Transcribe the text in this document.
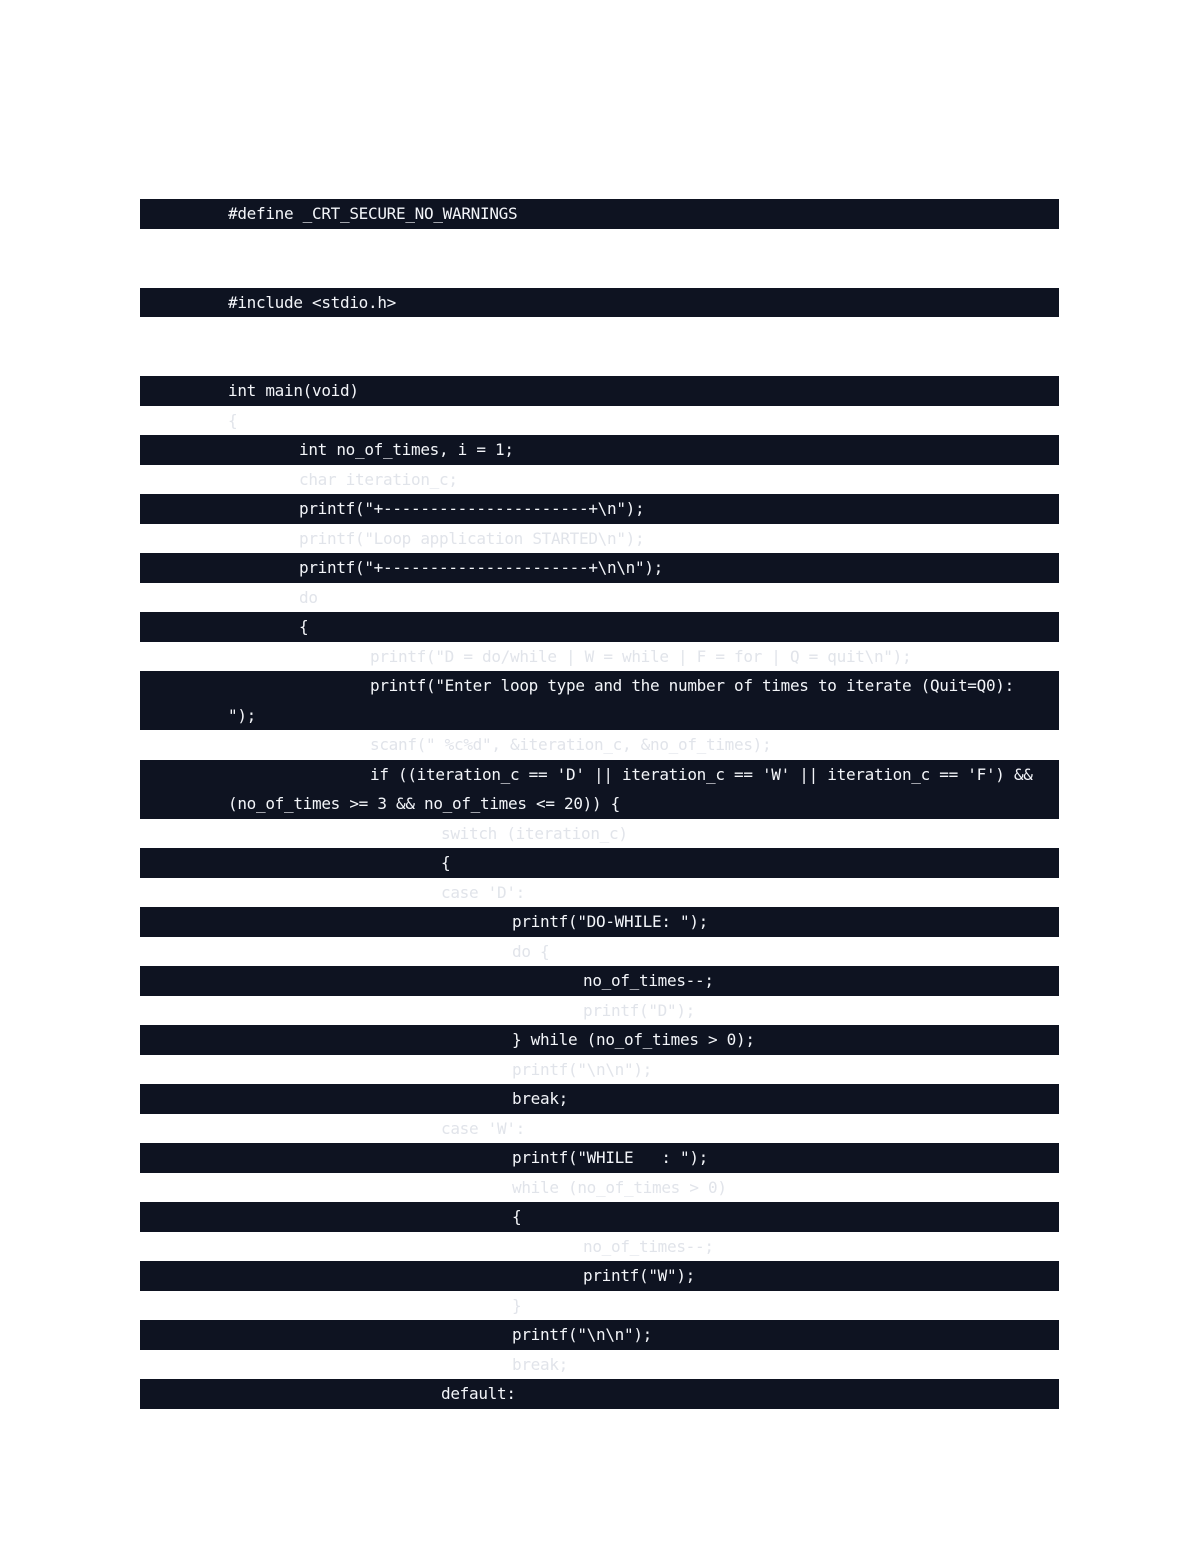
#define _CRT_SECURE_NO_WARNINGS
#include <stdio.h>
int main(void)
{
int no_of_times, i = 1;
char iteration_c;
printf("+----------------------+\n");
printf("Loop application STARTED\n");
printf("+----------------------+\n\n");
do
{
printf("D = do/while | W = while | F = for | Q = quit\n");
printf("Enter loop type and the number of times to iterate (Quit=Q0): ");
scanf(" %c%d", &iteration_c, &no_of_times);
if ((iteration_c == 'D' || iteration_c == 'W' || iteration_c == 'F') && (no_of_times >= 3 && no_of_times <= 20)) {
switch (iteration_c)
{
case 'D':
printf("DO-WHILE: ");
do {
no_of_times--;
printf("D");
} while (no_of_times > 0);
printf("\n\n");
break;
case 'W':
printf("WHILE   : ");
while (no_of_times > 0)
{
no_of_times--;
printf("W");
}
printf("\n\n");
break;
default:
